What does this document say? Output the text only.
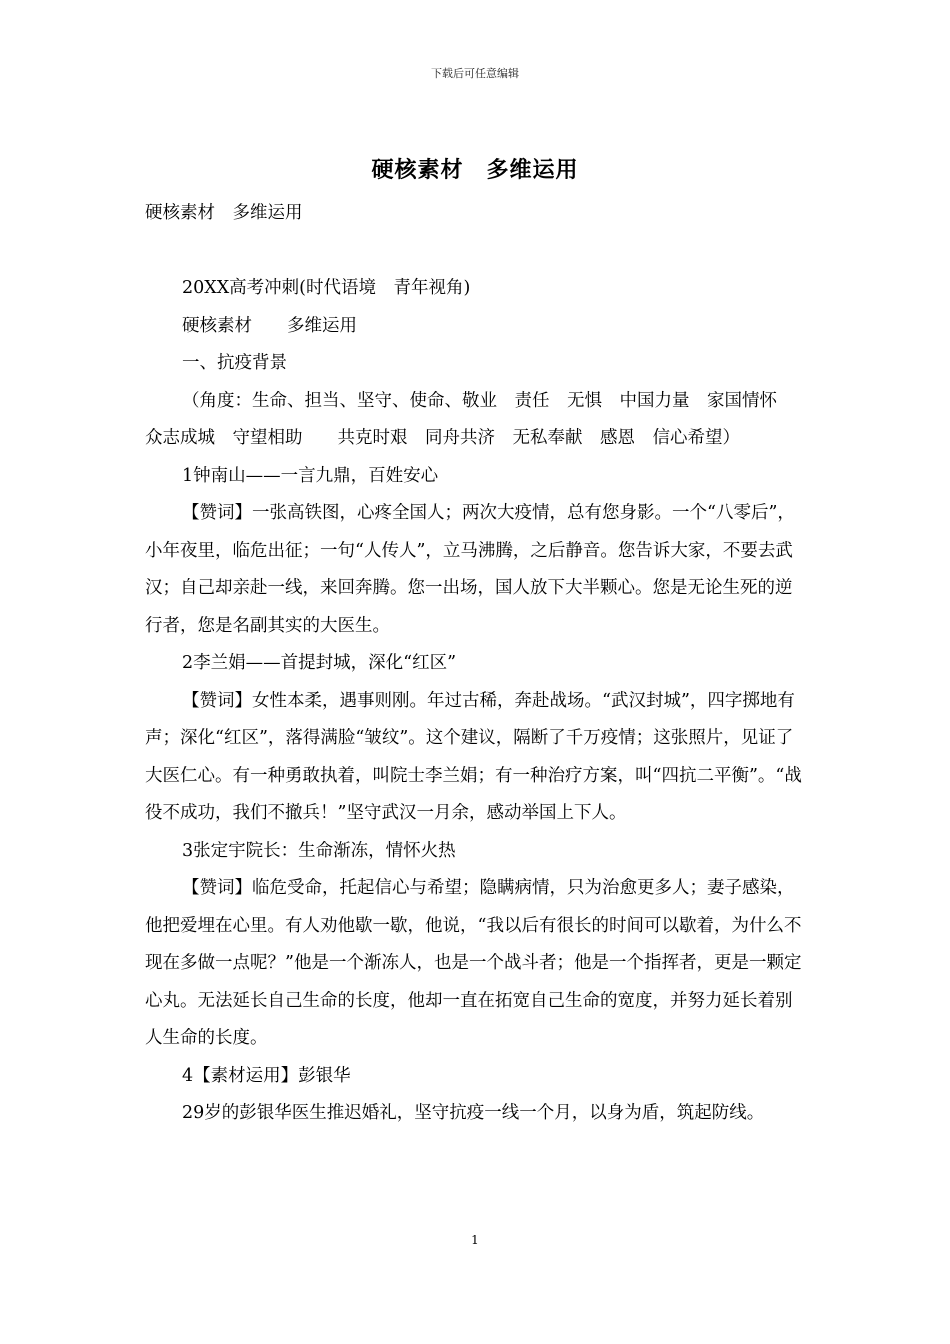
下载后可任意编辑
硬核素材　多维运用

硬核素材　多维运用

20XX高考冲刺(时代语境　青年视角)

硬核素材　　多维运用

一、抗疫背景

（角度：生命、担当、坚守、使命、敬业　责任　无惧　中国力量　家国情怀　众志成城　守望相助　　共克时艰　同舟共济　无私奉献　感恩　信心希望）

1钟南山——一言九鼎，百姓安心

【赞词】一张高铁图，心疼全国人；两次大疫情，总有您身影。一个“八零后”，小年夜里，临危出征；一句“人传人”，立马沸腾，之后静音。您告诉大家，不要去武汉；自己却亲赴一线，来回奔腾。您一出场，国人放下大半颗心。您是无论生死的逆行者，您是名副其实的大医生。

2李兰娟——首提封城，深化“红区”

【赞词】女性本柔，遇事则刚。年过古稀，奔赴战场。“武汉封城”，四字掷地有声；深化“红区”，落得满脸“皱纹”。这个建议，隔断了千万疫情；这张照片，见证了大医仁心。有一种勇敢执着，叫院士李兰娟；有一种治疗方案，叫“四抗二平衡”。“战役不成功，我们不撤兵！”坚守武汉一月余，感动举国上下人。

3张定宇院长：生命渐冻，情怀火热

【赞词】临危受命，托起信心与希望；隐瞒病情，只为治愈更多人；妻子感染，他把爱埋在心里。有人劝他歇一歇，他说，“我以后有很长的时间可以歇着，为什么不现在多做一点呢？”他是一个渐冻人，也是一个战斗者；他是一个指挥者，更是一颗定心丸。无法延长自己生命的长度，他却一直在拓宽自己生命的宽度，并努力延长着别人生命的长度。

4【素材运用】彭银华

29岁的彭银华医生推迟婚礼，坚守抗疫一线一个月，以身为盾，筑起防线。

1
